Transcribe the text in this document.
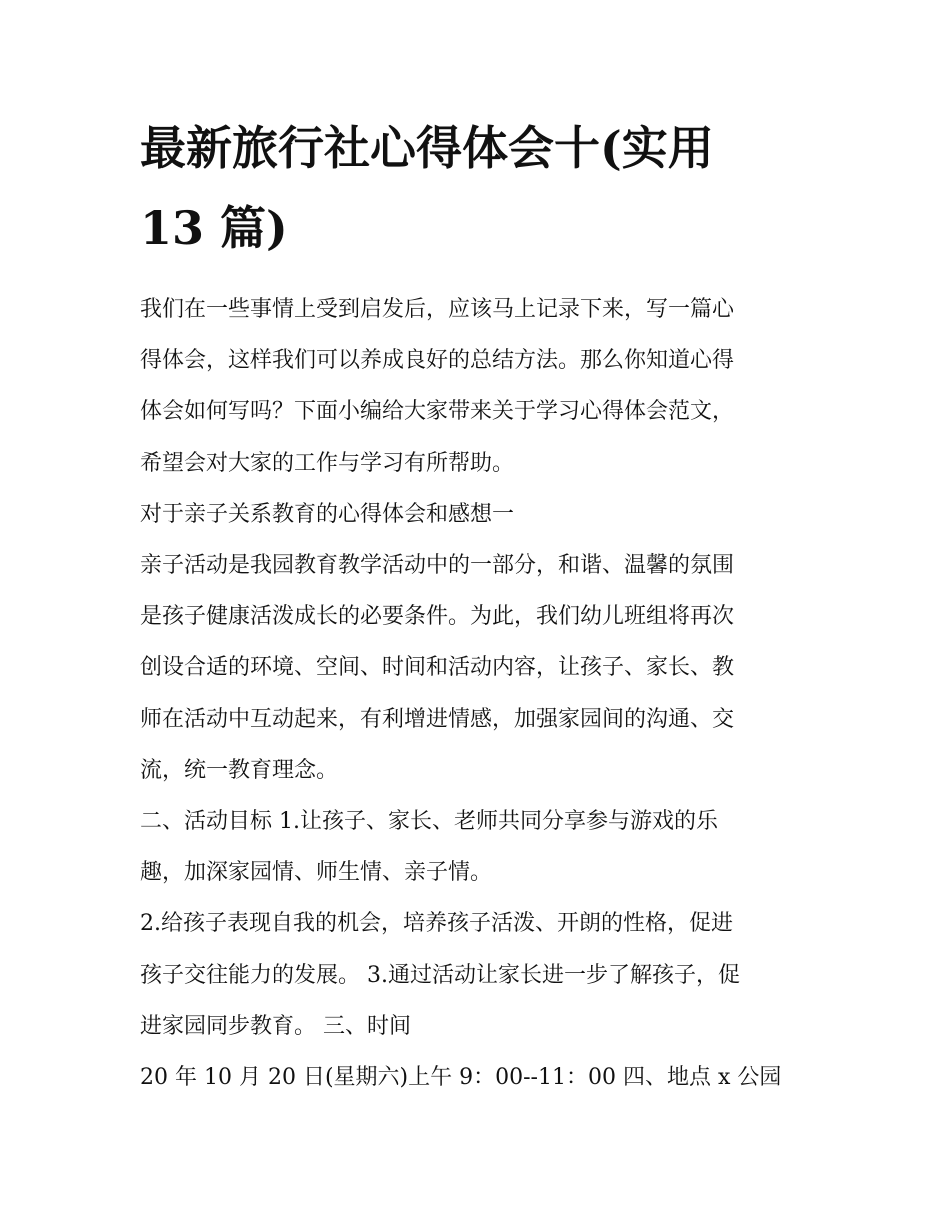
最新旅行社心得体会十(实用
13 篇)

我们在一些事情上受到启发后，应该马上记录下来，写一篇心
得体会，这样我们可以养成良好的总结方法。那么你知道心得
体会如何写吗？下面小编给大家带来关于学习心得体会范文，
希望会对大家的工作与学习有所帮助。

对于亲子关系教育的心得体会和感想一

亲子活动是我园教育教学活动中的一部分，和谐、温馨的氛围
是孩子健康活泼成长的必要条件。为此，我们幼儿班组将再次
创设合适的环境、空间、时间和活动内容，让孩子、家长、教
师在活动中互动起来，有利增进情感，加强家园间的沟通、交
流，统一教育理念。

二、活动目标 1.让孩子、家长、老师共同分享参与游戏的乐
趣，加深家园情、师生情、亲子情。

2.给孩子表现自我的机会，培养孩子活泼、开朗的性格，促进
孩子交往能力的发展。 3.通过活动让家长进一步了解孩子，促
进家园同步教育。 三、时间

20 年 10 月 20 日(星期六)上午 9：00--11：00 四、地点 x 公园
